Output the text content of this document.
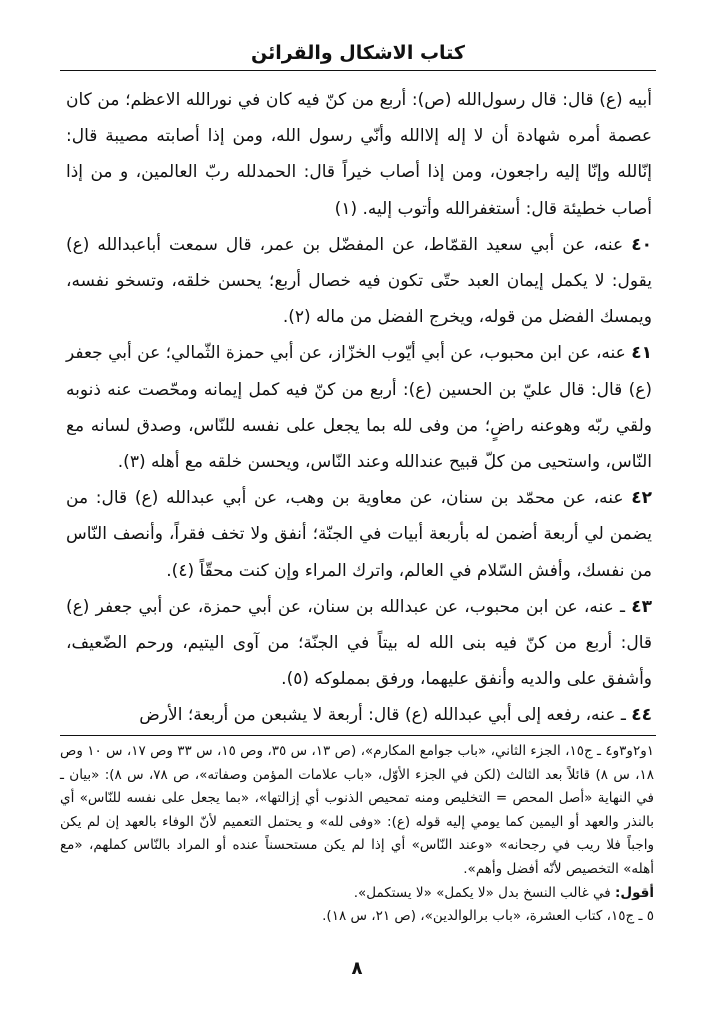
كتاب الاشكال والقرائن

أبيه (ع) قال: قال رسول‌الله (ص): أربع من كنّ فيه كان في نورالله الاعظم؛ من كان عصمة أمره شهادة أن لا إله إلاالله وأنّي رسول الله، ومن إذا أصابته مصيبة قال: إنّالله وإنّا إليه راجعون، ومن إذا أصاب خيراً قال: الحمدلله ربّ العالمين، و من إذا أصاب خطيئة قال: أستغفرالله وأتوب إليه. (١)

٤٠ عنه، عن أبي سعيد القمّاط، عن المفضّل بن عمر، قال سمعت أباعبدالله (ع) يقول: لا يكمل إيمان العبد حتّى تكون فيه خصال أربع؛ يحسن خلقه، وتسخو نفسه، ويمسك الفضل من قوله، ويخرج الفضل من ماله (٢).

٤١ عنه، عن ابن محبوب، عن أبي أيّوب الخزّاز، عن أبي حمزة الثّمالي؛ عن أبي جعفر (ع) قال: قال عليّ بن الحسين (ع): أربع من كنّ فيه كمل إيمانه ومحّصت عنه ذنوبه ولقي ربّه وهوعنه راضٍ؛ من وفى لله بما يجعل على نفسه للنّاس، وصدق لسانه مع النّاس، واستحيى من كلّ قبيح عندالله وعند النّاس، ويحسن خلقه مع أهله (٣).

٤٢ عنه، عن محمّد بن سنان، عن معاوية بن وهب، عن أبي عبدالله (ع) قال: من يضمن لي أربعة أضمن له بأربعة أبيات في الجنّة؛ أنفق ولا تخف فقراً، وأنصف النّاس من نفسك، وأفش السّلام في العالم، واترك المراء وإن كنت محقّاً (٤).

٤٣ ـ عنه، عن ابن محبوب، عن عبدالله بن سنان، عن أبي حمزة، عن أبي جعفر (ع) قال: أربع من كنّ فيه بنى الله له بيتاً في الجنّة؛ من آوى اليتيم، ورحم الضّعيف، وأشفق على والديه وأنفق عليهما، ورفق بمملوكه (٥).

٤٤ ـ عنه، رفعه إلى أبي عبدالله (ع) قال: أربعة لا يشبعن من أربعة؛ الأرض

١و٢و٣و٤ ـ ج١٥، الجزء الثاني، «باب جوامع المكارم»، (ص ١٣، س ٣٥، وص ١٥، س ٣٣ وص ١٧، س ١٠ وص ١٨، س ٨) قائلاً بعد الثالث (لكن في الجزء الأوّل، «باب علامات المؤمن وصفاته»، ص ٧٨، س ٨): «بيان ـ في النهاية «أصل المحص = التخليص ومنه تمحيص الذنوب أي إزالتها»، «بما يجعل على نفسه للنّاس» أي بالنذر والعهد أو اليمين كما يومي إليه قوله (ع): «وفى لله» و يحتمل التعميم لأنّ الوفاء بالعهد إن لم يكن واجباً فلا ريب في رجحانه» «وعند النّاس» أي إذا لم يكن مستحسناً عنده أو المراد بالنّاس كملهم، «مع أهله» التخصيص لأنّه أفضل وأهم».

أقول: في غالب النسخ بدل «لا يكمل» «لا يستكمل».

٥ ـ ج١٥، كتاب العشرة، «باب برالوالدين»، (ص ٢١، س ١٨).

٨
